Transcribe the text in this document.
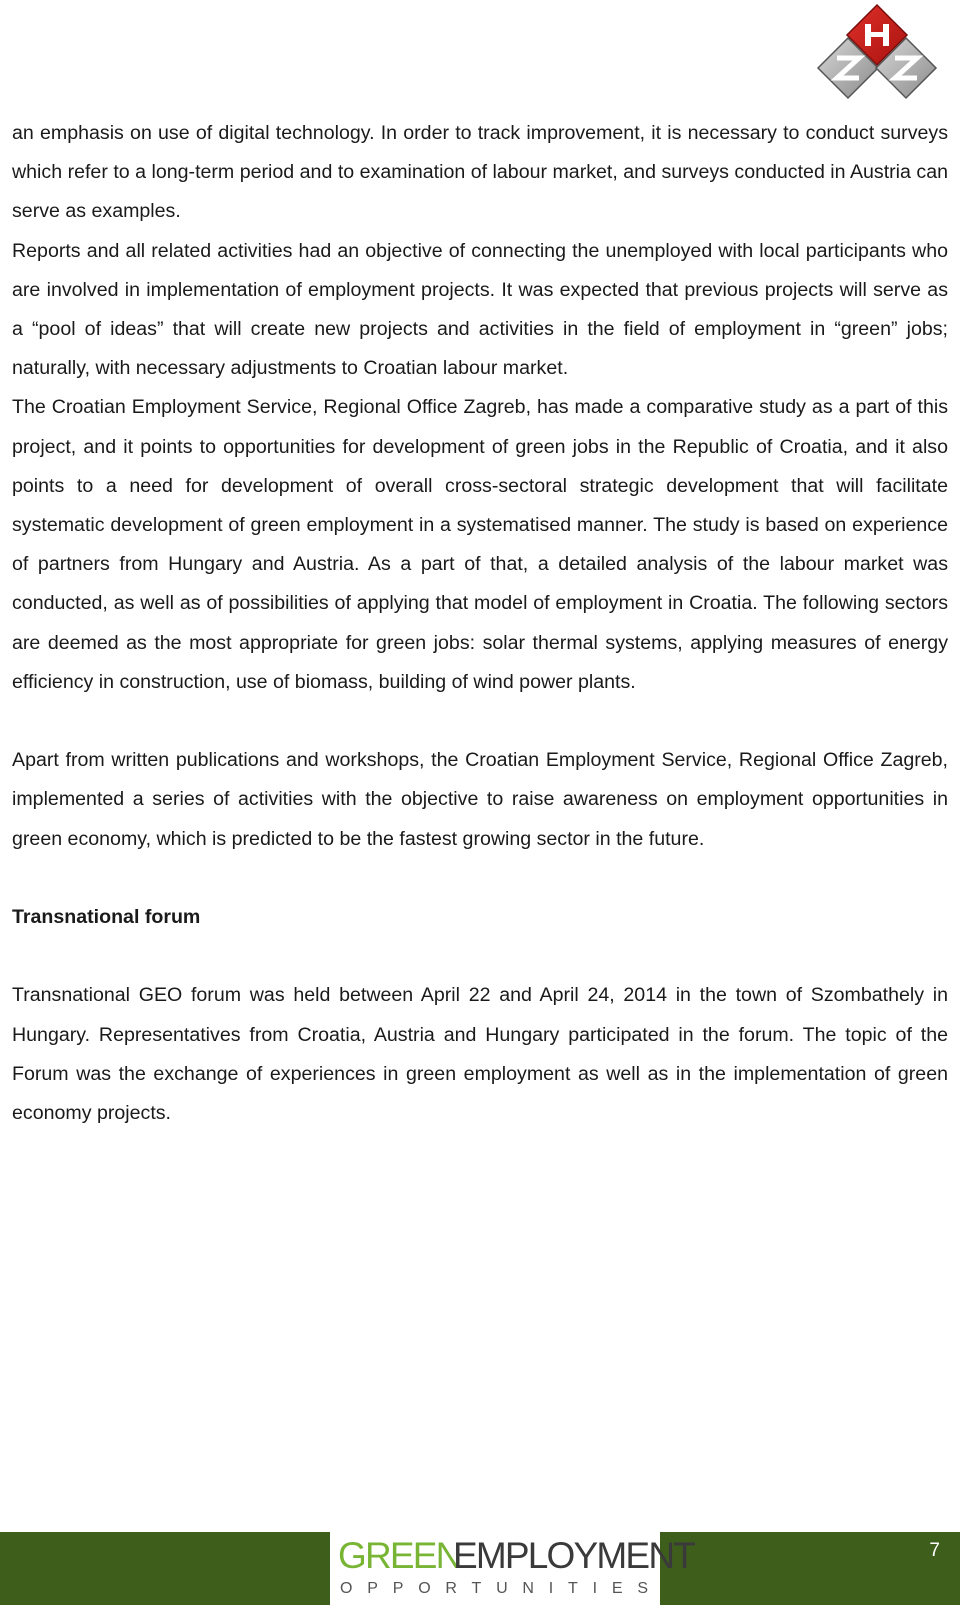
an emphasis on use of digital technology. In order to track improvement, it is necessary to conduct surveys which refer to a long-term period and to examination of labour market, and surveys conducted in Austria can serve as examples.

Reports and all related activities had an objective of connecting the unemployed with local participants who are involved in implementation of employment projects. It was expected that previous projects will serve as a “pool of ideas” that will create new projects and activities in the field of employment in “green” jobs; naturally, with necessary adjustments to Croatian labour market.

The Croatian Employment Service, Regional Office Zagreb, has made a comparative study as a part of this project, and it points to opportunities for development of green jobs in the Republic of Croatia, and it also points to a need for development of overall cross-sectoral strategic development that will facilitate systematic development of green employment in a systematised manner. The study is based on experience of partners from Hungary and Austria. As a part of that, a detailed analysis of the labour market was conducted, as well as of possibilities of applying that model of employment in Croatia. The following sectors are deemed as the most appropriate for green jobs: solar thermal systems, applying measures of energy efficiency in construction, use of biomass, building of wind power plants.

Apart from written publications and workshops, the Croatian Employment Service, Regional Office Zagreb, implemented a series of activities with the objective to raise awareness on employment opportunities in green economy, which is predicted to be the fastest growing sector in the future.

Transnational forum

Transnational GEO forum was held between April 22 and April 24, 2014 in the town of Szombathely in Hungary. Representatives from Croatia, Austria and Hungary participated in the forum. The topic of the Forum was the exchange of experiences in green employment as well as in the implementation of green economy projects.

GREEN
EMPLOYMENT
OPPORTUNITIES
7
